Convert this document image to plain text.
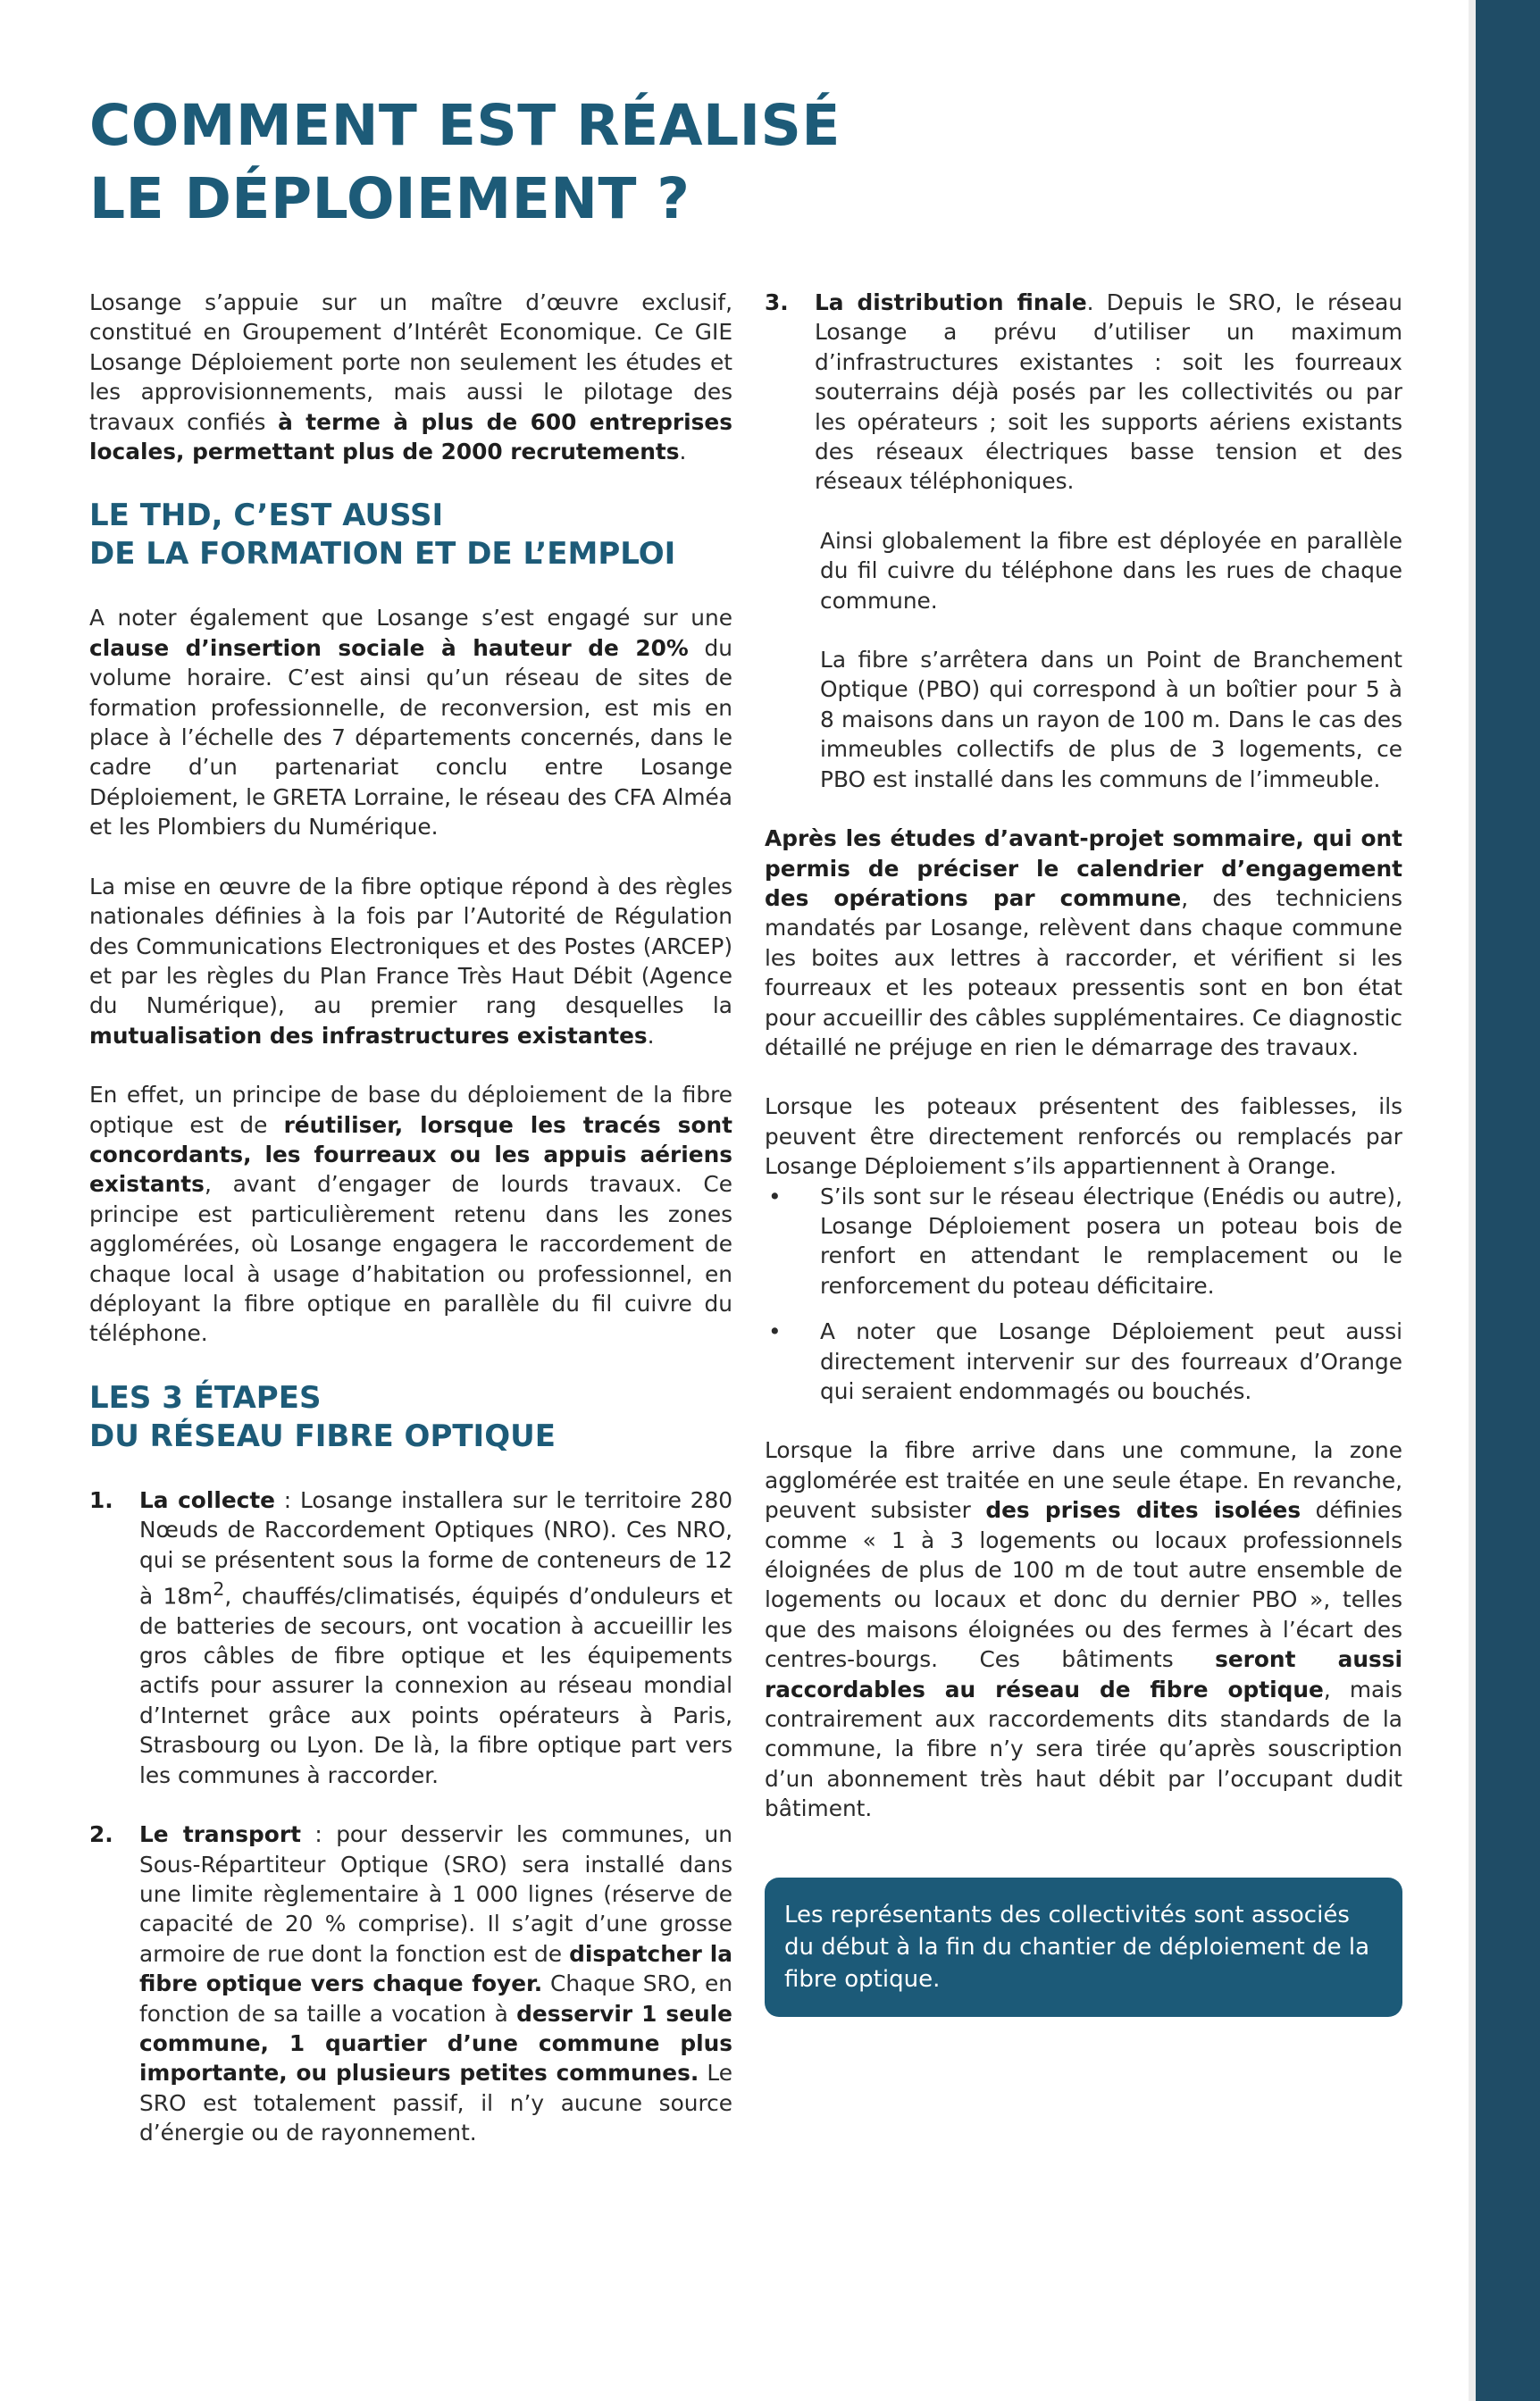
COMMENT EST RÉALISÉ
LE DÉPLOIEMENT ?

Losange s’appuie sur un maître d’œuvre exclusif, constitué en Groupement d’Intérêt Economique. Ce GIE Losange Déploiement porte non seulement les études et les approvisionnements, mais aussi le pilotage des travaux confiés à terme à plus de 600 entreprises locales, permettant plus de 2000 recrutements.

LE THD, C’EST AUSSI
DE LA FORMATION ET DE L’EMPLOI

A noter également que Losange s’est engagé sur une clause d’insertion sociale à hauteur de 20% du volume horaire. C’est ainsi qu’un réseau de sites de formation professionnelle, de reconversion, est mis en place à l’échelle des 7 départements concernés, dans le cadre d’un partenariat conclu entre Losange Déploiement, le GRETA Lorraine, le réseau des CFA Alméa et les Plombiers du Numérique.

La mise en œuvre de la fibre optique répond à des règles nationales définies à la fois par l’Autorité de Régulation des Communications Electroniques et des Postes (ARCEP) et par les règles du Plan France Très Haut Débit (Agence du Numérique), au premier rang desquelles la mutualisation des infrastructures existantes.

En effet, un principe de base du déploiement de la fibre optique est de réutiliser, lorsque les tracés sont concordants, les fourreaux ou les appuis aériens existants, avant d’engager de lourds travaux. Ce principe est particulièrement retenu dans les zones agglomérées, où Losange engagera le raccordement de chaque local à usage d’habitation ou professionnel, en déployant la fibre optique en parallèle du fil cuivre du téléphone.

LES 3 ÉTAPES
DU RÉSEAU FIBRE OPTIQUE
1. La collecte : Losange installera sur le territoire 280 Nœuds de Raccordement Optiques (NRO). Ces NRO, qui se présentent sous la forme de conteneurs de 12 à $18m^2$, chauffés/climatisés, équipés d’onduleurs et de batteries de secours, ont vocation à accueillir les gros câbles de fibre optique et les équipements actifs pour assurer la connexion au réseau mondial d’Internet grâce aux points opérateurs à Paris, Strasbourg ou Lyon. De là, la fibre optique part vers les communes à raccorder.
2. Le transport : pour desservir les communes, un Sous-Répartiteur Optique (SRO) sera installé dans une limite règlementaire à 1 000 lignes (réserve de capacité de 20 % comprise). Il s’agit d’une grosse armoire de rue dont la fonction est de dispatcher la fibre optique vers chaque foyer. Chaque SRO, en fonction de sa taille a vocation à desservir 1 seule commune, 1 quartier d’une commune plus importante, ou plusieurs petites communes. Le SRO est totalement passif, il n’y aucune source d’énergie ou de rayonnement.
3. La distribution finale. Depuis le SRO, le réseau Losange a prévu d’utiliser un maximum d’infrastructures existantes : soit les fourreaux souterrains déjà posés par les collectivités ou par les opérateurs ; soit les supports aériens existants des réseaux électriques basse tension et des réseaux téléphoniques.

Ainsi globalement la fibre est déployée en parallèle du fil cuivre du téléphone dans les rues de chaque commune.

La fibre s’arrêtera dans un Point de Branchement Optique (PBO) qui correspond à un boîtier pour 5 à 8 maisons dans un rayon de 100 m. Dans le cas des immeubles collectifs de plus de 3 logements, ce PBO est installé dans les communs de l’immeuble.

Après les études d’avant-projet sommaire, qui ont permis de préciser le calendrier d’engagement des opérations par commune, des techniciens mandatés par Losange, relèvent dans chaque commune les boites aux lettres à raccorder, et vérifient si les fourreaux et les poteaux pressentis sont en bon état pour accueillir des câbles supplémentaires. Ce diagnostic détaillé ne préjuge en rien le démarrage des travaux.

Lorsque les poteaux présentent des faiblesses, ils peuvent être directement renforcés ou remplacés par Losange Déploiement s’ils appartiennent à Orange.

• S’ils sont sur le réseau électrique (Enédis ou autre), Losange Déploiement posera un poteau bois de renfort en attendant le remplacement ou le renforcement du poteau déficitaire.
• A noter que Losange Déploiement peut aussi directement intervenir sur des fourreaux d’Orange qui seraient endommagés ou bouchés.

Lorsque la fibre arrive dans une commune, la zone agglomérée est traitée en une seule étape. En revanche, peuvent subsister des prises dites isolées définies comme « 1 à 3 logements ou locaux professionnels éloignées de plus de 100 m de tout autre ensemble de logements ou locaux et donc du dernier PBO », telles que des maisons éloignées ou des fermes à l’écart des centres-bourgs. Ces bâtiments seront aussi raccordables au réseau de fibre optique, mais contrairement aux raccordements dits standards de la commune, la fibre n’y sera tirée qu’après souscription d’un abonnement très haut débit par l’occupant dudit bâtiment.

Les représentants des collectivités sont associés du début à la fin du chantier de déploiement de la fibre optique.
